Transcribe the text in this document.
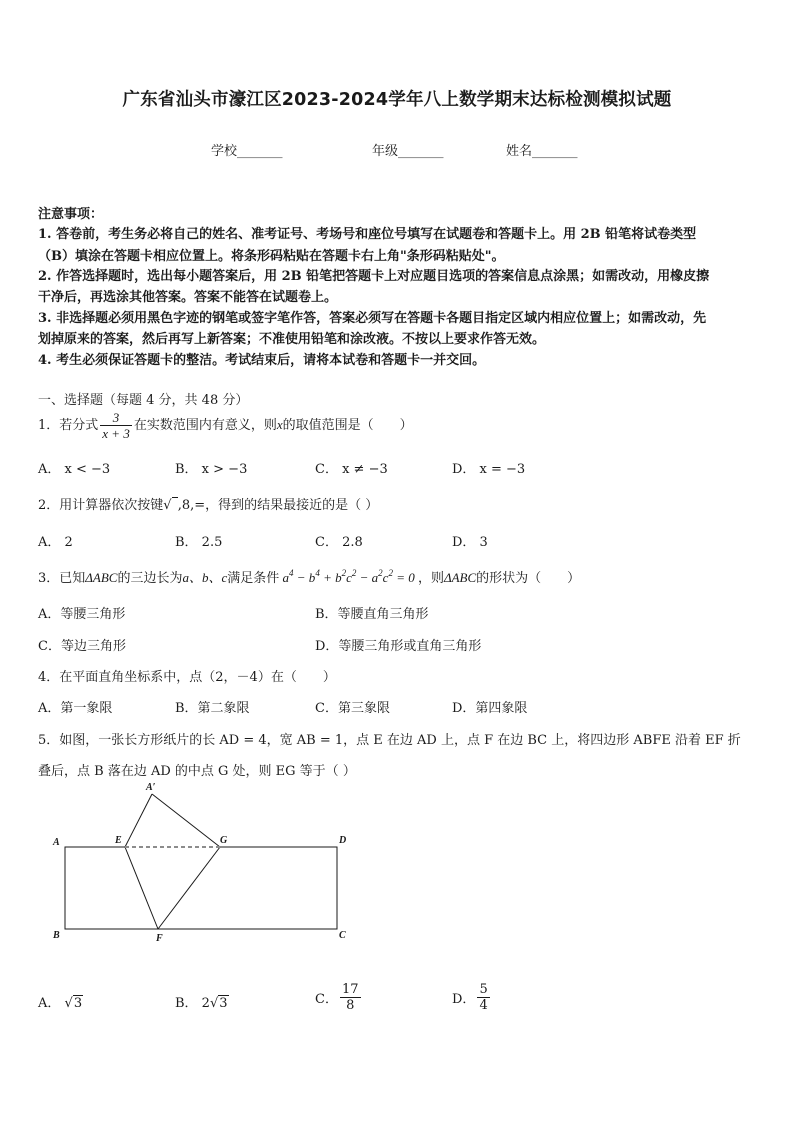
广东省汕头市濠江区2023-2024学年八上数学期末达标检测模拟试题
学校_______	年级_______	姓名_______
注意事项：
1. 答卷前，考生务必将自己的姓名、准考证号、考场号和座位号填写在试题卷和答题卡上。用 2B 铅笔将试卷类型
（B）填涂在答题卡相应位置上。将条形码粘贴在答题卡右上角"条形码粘贴处"。
2. 作答选择题时，选出每小题答案后，用 2B 铅笔把答题卡上对应题目选项的答案信息点涂黑；如需改动，用橡皮擦
干净后，再选涂其他答案。答案不能答在试题卷上。
3. 非选择题必须用黑色字迹的钢笔或签字笔作答，答案必须写在答题卡各题目指定区域内相应位置上；如需改动，先
划掉原来的答案，然后再写上新答案；不准使用铅笔和涂改液。不按以上要求作答无效。
4. 考生必须保证答题卡的整洁。考试结束后，请将本试卷和答题卡一并交回。
一、选择题（每题 4 分，共 48 分）
1．若分式 $\frac{3}{x + 3}$ 在实数范围内有意义，则x的取值范围是（　　）
A． x < −3	B． x > −3	C． x ≠ −3	D． x = −3
2．用计算器依次按键√ ,8,=，得到的结果最接近的是（ ）
A． 2	B． 2.5	C． 2.8	D． 3
3．已知ΔABC的三边长为a、b、c满足条件 $a^4 - b^4 + b^2c^2 - a^2c^2 = 0$ ，则ΔABC的形状为（　　）
A．等腰三角形	B．等腰直角三角形
C．等边三角形	D．等腰三角形或直角三角形
4．在平面直角坐标系中，点（2，－4）在（　　）
A．第一象限	B．第二象限	C．第三象限	D．第四象限
5．如图，一张长方形纸片的长 AD = 4，宽 AB = 1，点 E 在边 AD 上，点 F 在边 BC 上，将四边形 ABFE 沿着 EF 折
叠后，点 B 落在边 AD 的中点 G 处，则 EG 等于（ ）
A
B	C
D
E
F
G
A′
A． √3	B． 2√3	C． $\frac{17}{8}$	D． $\frac{5}{4}$
